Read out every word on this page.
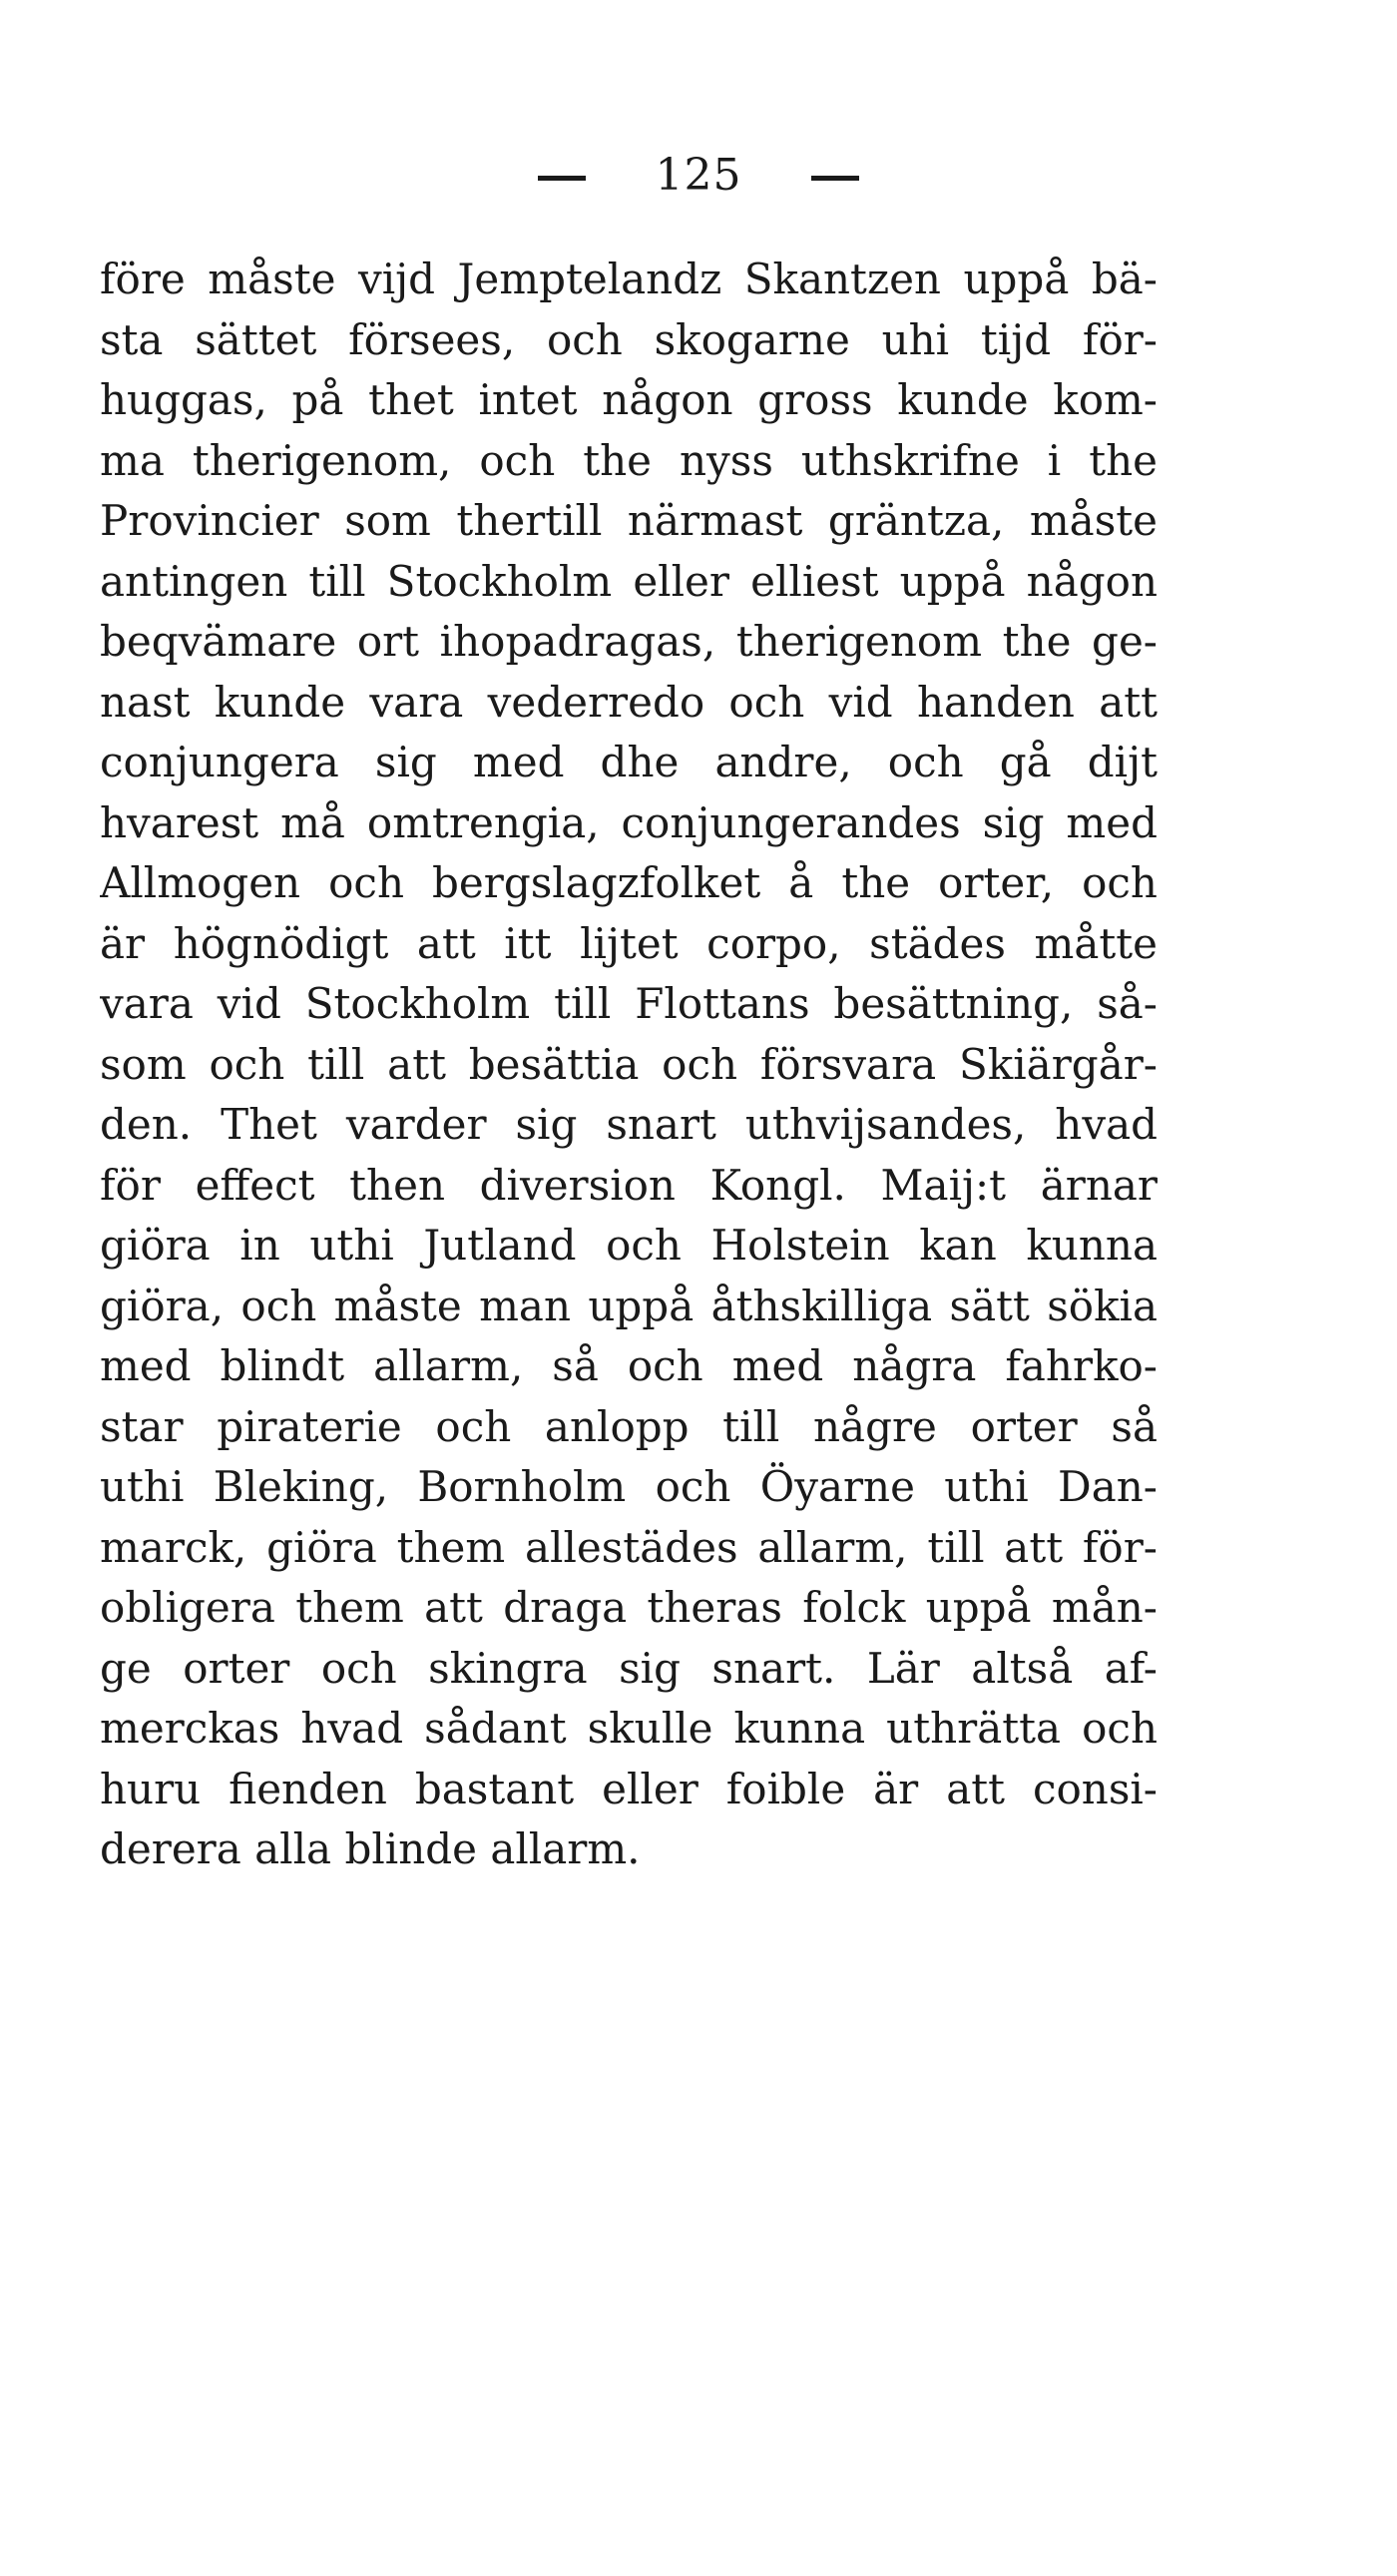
125
före måste vijd Jemptelandz Skantzen uppå bä-
sta sättet försees, och skogarne uhi tijd för-
huggas, på thet intet någon gross kunde kom-
ma therigenom, och the nyss uthskrifne i the
Provincier som thertill närmast gräntza, måste
antingen till Stockholm eller elliest uppå någon
beqvämare ort ihopadragas, therigenom the ge-
nast kunde vara vederredo och vid handen att
conjungera sig med dhe andre, och gå dijt
hvarest må omtrengia, conjungerandes sig med
Allmogen och bergslagzfolket å the orter, och
är högnödigt att itt lijtet corpo, städes måtte
vara vid Stockholm till Flottans besättning, så-
som och till att besättia och försvara Skiärgår-
den. Thet varder sig snart uthvijsandes, hvad
för effect then diversion Kongl. Maij:t ärnar
giöra in uthi Jutland och Holstein kan kunna
giöra, och måste man uppå åthskilliga sätt sökia
med blindt allarm, så och med några fahrko-
star piraterie och anlopp till någre orter så
uthi Bleking, Bornholm och Öyarne uthi Dan-
marck, giöra them allestädes allarm, till att för-
obligera them att draga theras folck uppå mån-
ge orter och skingra sig snart. Lär altså af-
merckas hvad sådant skulle kunna uthrätta och
huru fienden bastant eller foible är att consi-
derera alla blinde allarm.
